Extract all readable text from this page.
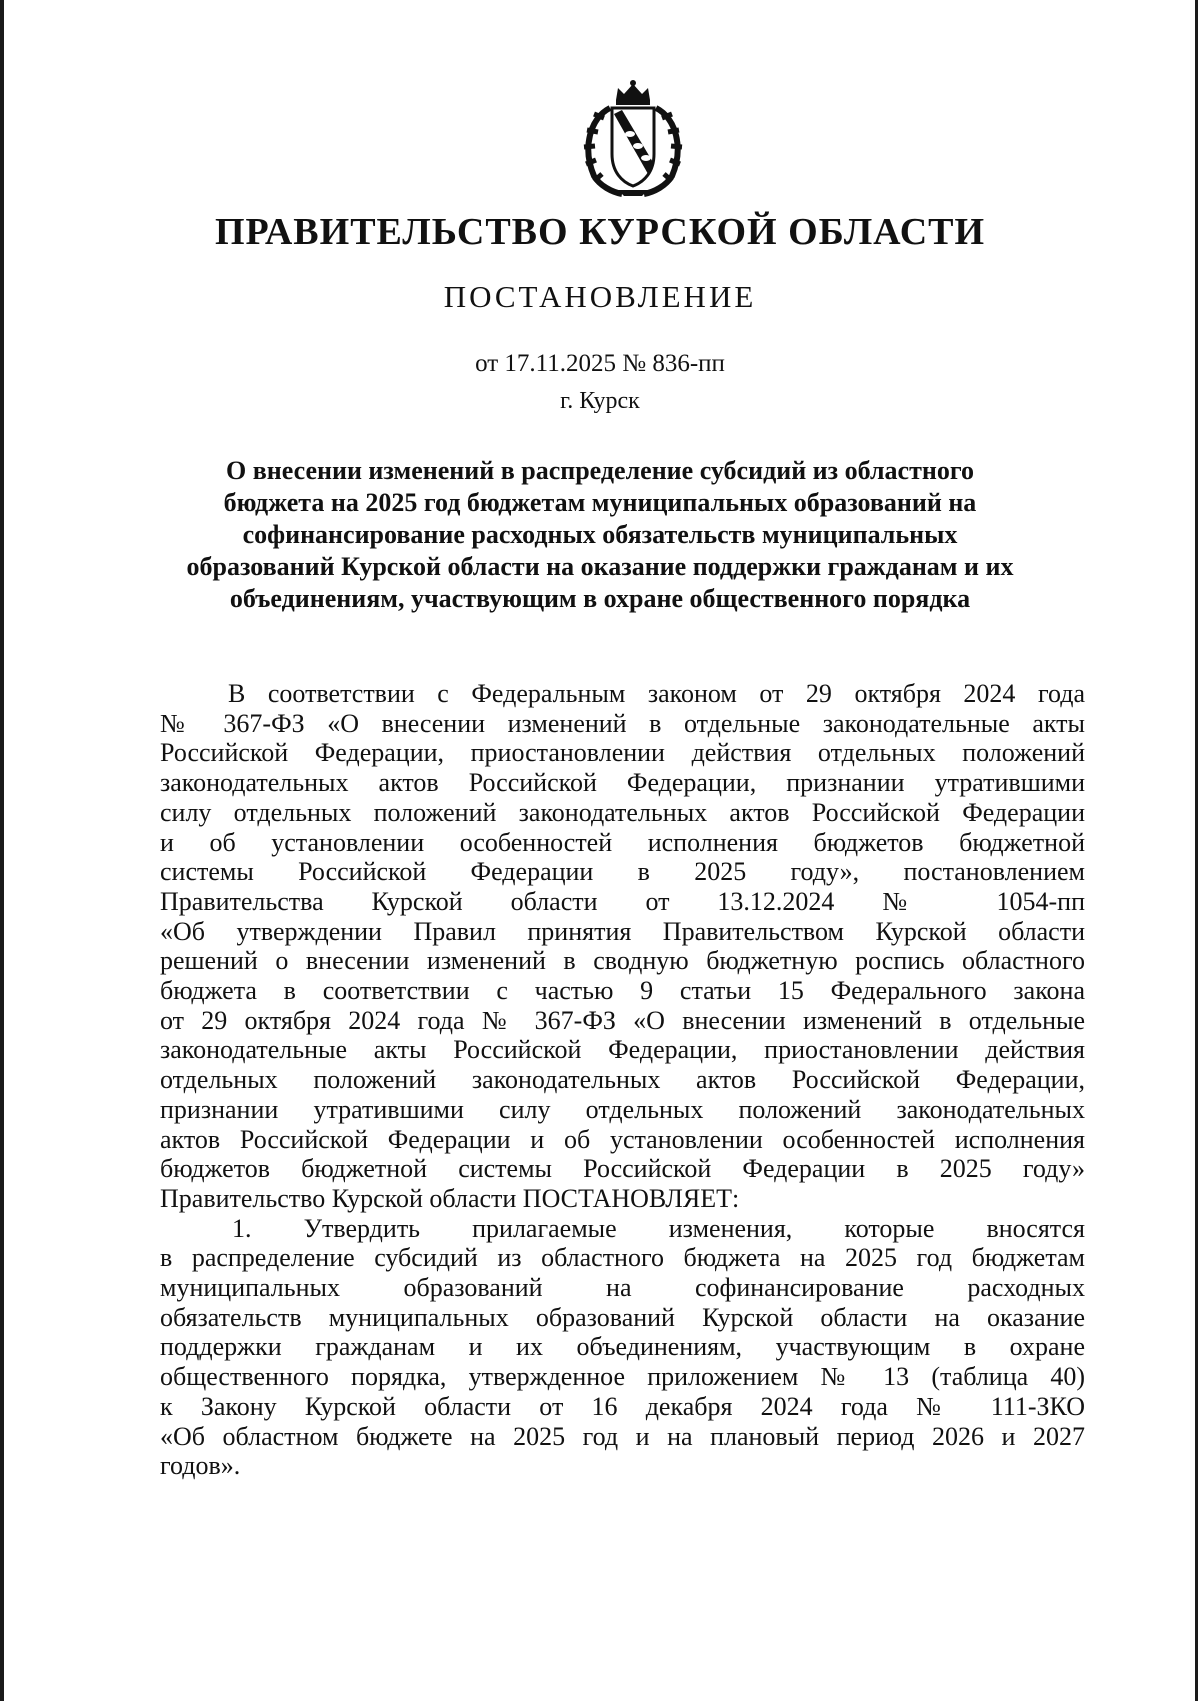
ПРАВИТЕЛЬСТВО КУРСКОЙ ОБЛАСТИ
ПОСТАНОВЛЕНИЕ
от 17.11.2025 № 836-пп
г. Курск
О внесении изменений в распределение субсидий из областного
бюджета на 2025 год бюджетам муниципальных образований на
софинансирование расходных обязательств муниципальных
образований Курской области на оказание поддержки гражданам и их
объединениям, участвующим в охране общественного порядка
В соответствии с Федеральным законом от 29 октября 2024 года
№ 367-ФЗ «О внесении изменений в отдельные законодательные акты
Российской Федерации, приостановлении действия отдельных положений
законодательных актов Российской Федерации, признании утратившими
силу отдельных положений законодательных актов Российской Федерации
и об установлении особенностей исполнения бюджетов бюджетной
системы Российской Федерации в 2025 году», постановлением
Правительства Курской области от 13.12.2024 № 1054-пп
«Об утверждении Правил принятия Правительством Курской области
решений о внесении изменений в сводную бюджетную роспись областного
бюджета в соответствии с частью 9 статьи 15 Федерального закона
от 29 октября 2024 года № 367-ФЗ «О внесении изменений в отдельные
законодательные акты Российской Федерации, приостановлении действия
отдельных положений законодательных актов Российской Федерации,
признании утратившими силу отдельных положений законодательных
актов Российской Федерации и об установлении особенностей исполнения
бюджетов бюджетной системы Российской Федерации в 2025 году»
Правительство Курской области ПОСТАНОВЛЯЕТ:
1. Утвердить прилагаемые изменения, которые вносятся
в распределение субсидий из областного бюджета на 2025 год бюджетам
муниципальных образований на софинансирование расходных
обязательств муниципальных образований Курской области на оказание
поддержки гражданам и их объединениям, участвующим в охране
общественного порядка, утвержденное приложением № 13 (таблица 40)
к Закону Курской области от 16 декабря 2024 года № 111-ЗКО
«Об областном бюджете на 2025 год и на плановый период 2026 и 2027
годов».
